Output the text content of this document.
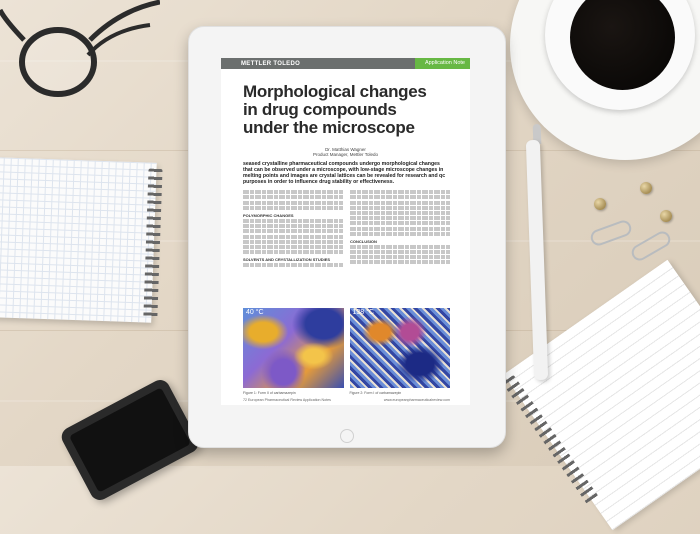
METTLER TOLEDO	Application Note
Morphological changes
in drug compounds
under the microscope
Dr. Matthias Wagner
Product Manager, Mettler Toledo
seased crystalline pharmaceutical compounds undergo morphological changes that can be observed under a microscope, with low-stage microscope changes in melting points and images are crystal lattices can be revealed for research and qc purposes in order to influence drug stability or effectiveness.
POLYMORPHIC CHANGES
SOLVENTS AND CRYSTALLIZATION STUDIES
CONCLUSION
40 °C
Figure 1: Form II of carbamazepin
138 °C
Figure 2: Form I of carbamazepin
72 European Pharmaceutical Review Application Notes	www.europeanpharmaceuticalreview.com
